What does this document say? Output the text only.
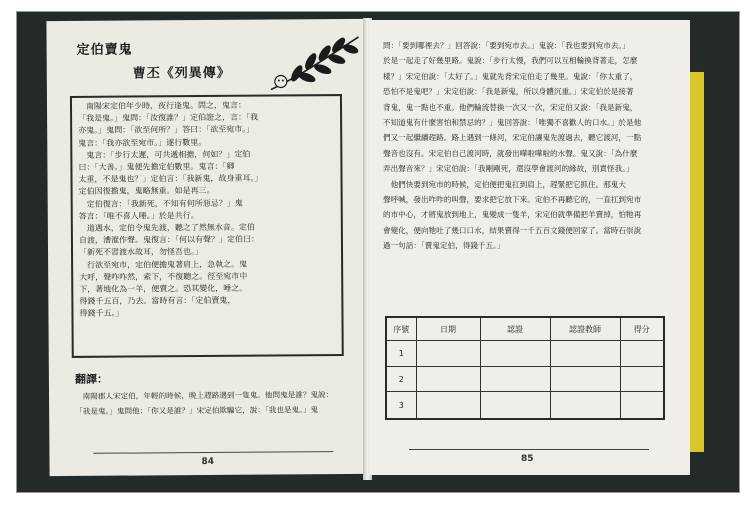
定伯賣鬼
曹丕《列異傳》
　南陽宋定伯年少時，夜行逢鬼。問之，鬼言：
「我是鬼。」鬼問：「汝復誰？」定伯誑之，言：「我
亦鬼。」鬼問：「欲至何所？」答曰：「欲至宛市。」
鬼言：「我亦欲至宛市。」遂行數里。
　鬼言：「步行太遲，可共遞相擔，何如？」定伯
曰：「大善。」鬼便先擔定伯數里。鬼言：「卿
太重，不是鬼也？」定伯言：「我新鬼，故身重耳。」
定伯因復擔鬼，鬼略無重。如是再三。
　定伯復言：「我新死，不知有何所惡忌？」鬼
答言：「唯不喜人唾。」於是共行。
　道遇水，定伯令鬼先渡，聽之了然無水音。定伯
自渡，漕漼作聲。鬼復言：「何以有聲？」定伯曰：
「新死不習渡水故耳，勿怪吾也。」
　行欲至宛市，定伯便擔鬼著肩上，急執之。鬼
大呼，聲咋咋然，索下，不復聽之。徑至宛市中
下，著地化為一羊，便賣之。恐其變化，唾之。
得錢千五百，乃去。當時有言：「定伯賣鬼，
得錢千五。」
翻譯：
　南陽郡人宋定伯，年輕的時候，晚上趕路遇到一隻鬼。他問鬼是誰？鬼說：
「我是鬼。」鬼問他：「你又是誰？」宋定伯欺騙它，說：「我也是鬼。」鬼
84
問：「要到哪裡去？」回答說：「要到宛市去。」鬼說：「我也要到宛市去。」
於是一起走了好幾里路。鬼說：「步行太慢，我們可以互相輪換背著走，怎麼
樣？」宋定伯說：「太好了。」鬼就先背宋定伯走了幾里。鬼說：「你太重了，
恐怕不是鬼吧？」宋定伯說：「我是新鬼，所以身體沉重。」宋定伯於是接著
背鬼，鬼一點也不重。他們輪流替換一次又一次，宋定伯又說：「我是新鬼，
不知道鬼有什麼害怕和禁忌的？」鬼回答說：「唯獨不喜歡人的口水。」於是他
們又一起繼續趕路。路上遇到一條河，宋定伯讓鬼先渡過去，聽它渡河，一點
聲音也沒有。宋定伯自己渡河時，就發出嘩啦嘩啦的水聲。鬼又說：「為什麼
弄出聲音來？」宋定伯說：「我剛剛死，還沒學會渡河的緣故，別責怪我。」
　他們快要到宛市的時候，定伯便把鬼扛到肩上，趕緊把它抓住。那鬼大
聲呼喊，發出咋咋的叫聲，要求把它放下來。定伯不再聽它的，一直扛到宛市
的市中心，才將鬼放到地上，鬼變成一隻羊，宋定伯就準備把羊賣掉，怕牠再
會變化，便向牠吐了幾口口水，結果賣得一千五百文錢便回家了。當時石崇說
過一句話：「賣鬼定伯，得錢千五。」
序號	日期	認證	認證教師	得分
1				
2				
3				
85
